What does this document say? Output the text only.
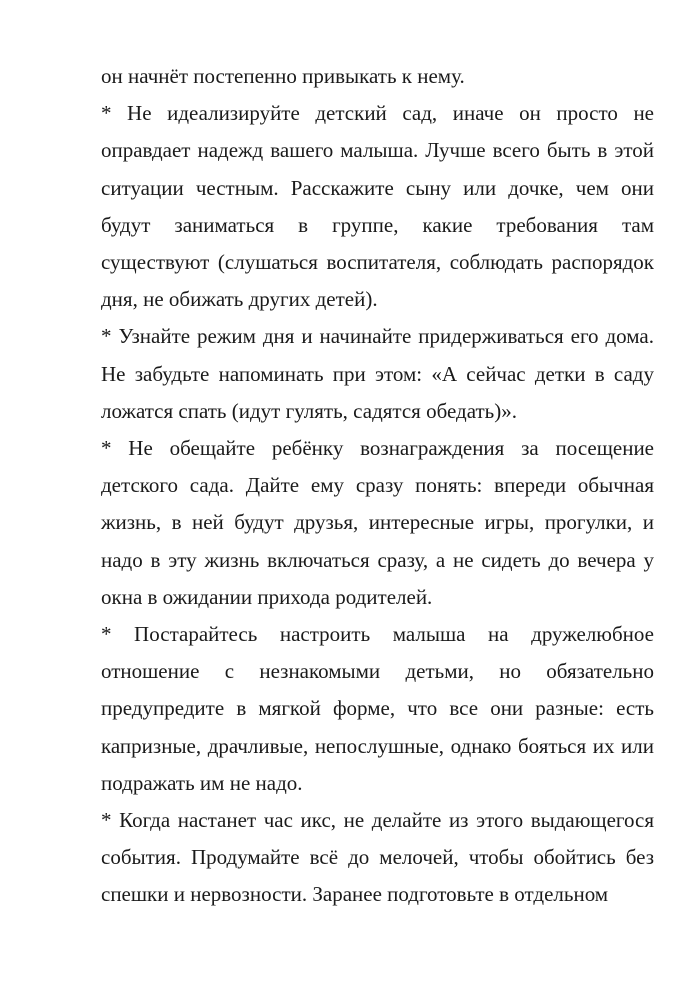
он начнёт постепенно привыкать к нему.

* Не идеализируйте детский сад, иначе он просто не оправдает надежд вашего малыша. Лучше всего быть в этой ситуации честным. Расскажите сыну или дочке, чем они будут заниматься в группе, какие требования там существуют (слушаться воспитателя, соблюдать распорядок дня, не обижать других детей).

* Узнайте режим дня и начинайте придерживаться его дома. Не забудьте напоминать при этом: «А сейчас детки в саду ложатся спать (идут гулять, садятся обедать)».

* Не обещайте ребёнку вознаграждения за посещение детского сада. Дайте ему сразу понять: впереди обычная жизнь, в ней будут друзья, интересные игры, прогулки, и надо в эту жизнь включаться сразу, а не сидеть до вечера у окна в ожидании прихода родителей.

* Постарайтесь настроить малыша на дружелюбное отношение с незнакомыми детьми, но обязательно предупредите в мягкой форме, что все они разные: есть капризные, драчливые, непослушные, однако бояться их или подражать им не надо.

* Когда настанет час икс, не делайте из этого выдающегося события. Продумайте всё до мелочей, чтобы обойтись без спешки и нервозности. Заранее подготовьте в отдельном
